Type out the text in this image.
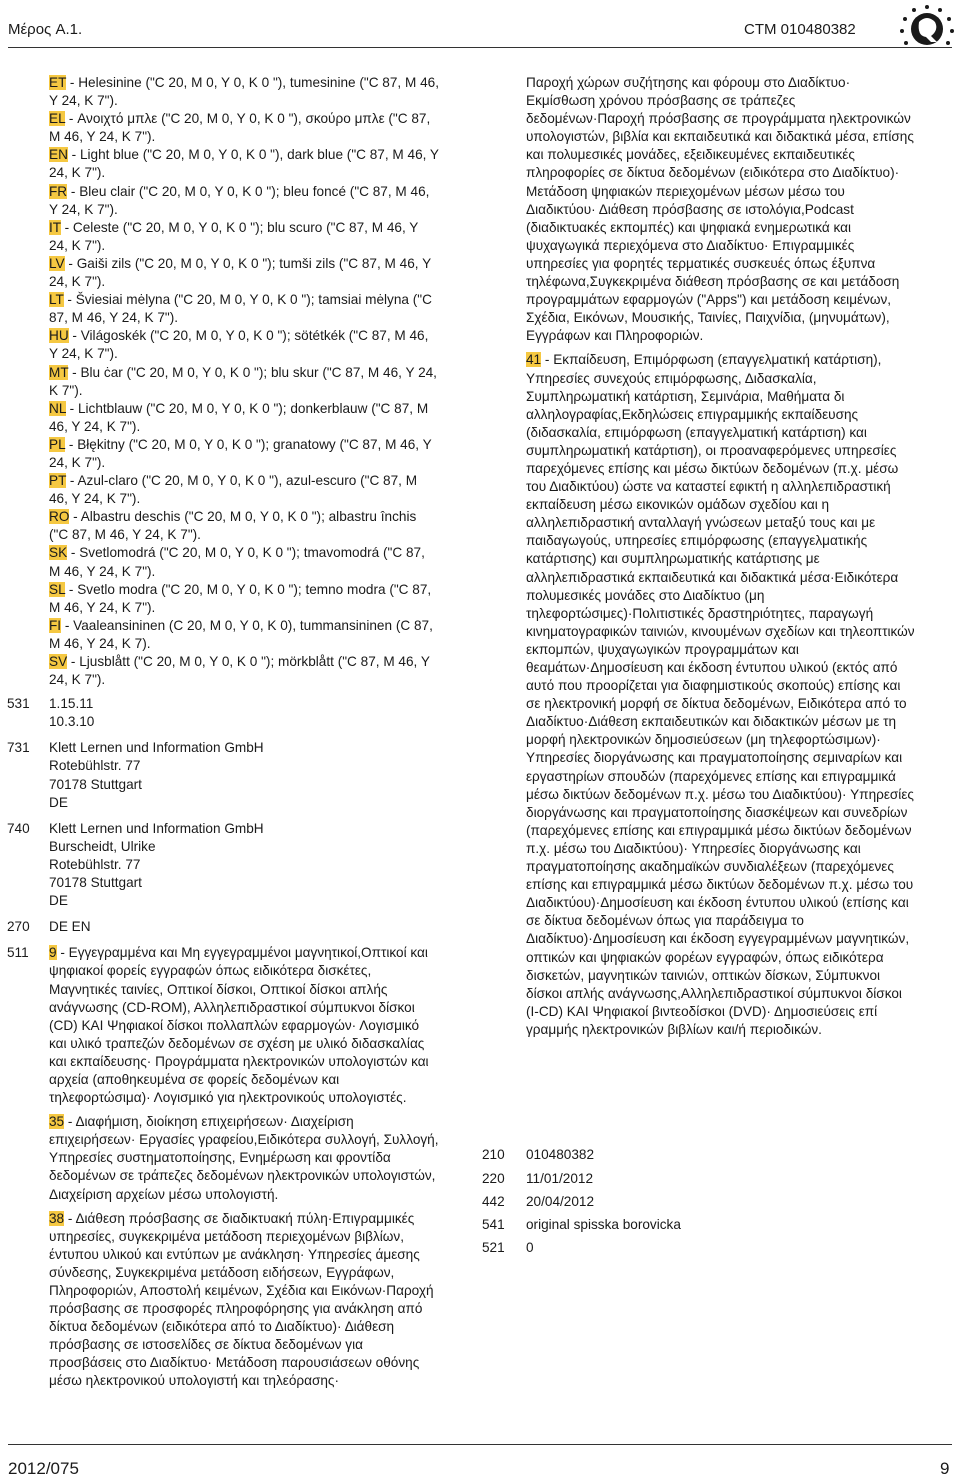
Μέρος A.1.	CTM 010480382
ET - Helesinine ("C 20, M 0, Y 0, K 0 "), tumesinine ("C 87, M 46, Y 24, K 7").
EL - Ανοιχτό μπλε ("C 20, M 0, Y 0, K 0 "), σκούρο μπλε ("C 87, M 46, Y 24, K 7").
EN - Light blue ("C 20, M 0, Y 0, K 0 "), dark blue ("C 87, M 46, Y 24, K 7").
FR - Bleu clair ("C 20, M 0, Y 0, K 0 "); bleu foncé ("C 87, M 46, Y 24, K 7").
IT - Celeste ("C 20, M 0, Y 0, K 0 "); blu scuro ("C 87, M 46, Y 24, K 7").
LV - Gaiši zils ("C 20, M 0, Y 0, K 0 "); tumši zils ("C 87, M 46, Y 24, K 7").
LT - Šviesiai mėlyna ("C 20, M 0, Y 0, K 0 "); tamsiai mėlyna ("C 87, M 46, Y 24, K 7").
HU - Világoskék ("C 20, M 0, Y 0, K 0 "); sötétkék ("C 87, M 46, Y 24, K 7").
MT - Blu ċar ("C 20, M 0, Y 0, K 0 "); blu skur ("C 87, M 46, Y 24, K 7").
NL - Lichtblauw ("C 20, M 0, Y 0, K 0 "); donkerblauw ("C 87, M 46, Y 24, K 7").
PL - Błękitny ("C 20, M 0, Y 0, K 0 "); granatowy ("C 87, M 46, Y 24, K 7").
PT - Azul-claro ("C 20, M 0, Y 0, K 0 "), azul-escuro ("C 87, M 46, Y 24, K 7").
RO - Albastru deschis ("C 20, M 0, Y 0, K 0 "); albastru închis ("C 87, M 46, Y 24, K 7").
SK - Svetlomodrá ("C 20, M 0, Y 0, K 0 "); tmavomodrá ("C 87, M 46, Y 24, K 7").
SL - Svetlo modra ("C 20, M 0, Y 0, K 0 "); temno modra ("C 87, M 46, Y 24, K 7").
FI - Vaaleansininen (C 20, M 0, Y 0, K 0), tummansininen (C 87, M 46, Y 24, K 7).
SV - Ljusblått ("C 20, M 0, Y 0, K 0 "); mörkblått ("C 87, M 46, Y 24, K 7").
531 1.15.11
10.3.10
731 Klett Lernen und Information GmbH
Rotebühlstr. 77
70178 Stuttgart
DE
740 Klett Lernen und Information GmbH
Burscheidt, Ulrike
Rotebühlstr. 77
70178 Stuttgart
DE
270 DE EN
511 9 - Εγγεγραμμένα και Μη εγγεγραμμένοι μαγνητικοί,Οπτικοί και ψηφιακοί φορείς εγγραφών όπως ειδικότερα δισκέτες, Μαγνητικές ταινίες, Οπτικοί δίσκοι, Οπτικοί δίσκοι απλής ανάγνωσης (CD-ROM), Αλληλεπιδραστικοί σύμπυκνοι δίσκοι (CD) ΚΑΙ Ψηφιακοί δίσκοι πολλαπλών εφαρμογών· Λογισμικό και υλικό τραπεζών δεδομένων σε σχέση με υλικό διδασκαλίας και εκπαίδευσης· Προγράμματα ηλεκτρονικών υπολογιστών και αρχεία (αποθηκευμένα σε φορείς δεδομένων και τηλεφορτώσιμα)· Λογισμικό για ηλεκτρονικούς υπολογιστές.
35 - Διαφήμιση, διοίκηση επιχειρήσεων· Διαχείριση επιχειρήσεων· Εργασίες γραφείου,Ειδικότερα συλλογή, Συλλογή, Υπηρεσίες συστηματοποίησης, Ενημέρωση και φροντίδα δεδομένων σε τράπεζες δεδομένων ηλεκτρονικών υπολογιστών, Διαχείριση αρχείων μέσω υπολογιστή.
38 - Διάθεση πρόσβασης σε διαδικτυακή πύλη·Επιγραμμικές υπηρεσίες, συγκεκριμένα μετάδοση περιεχομένων βιβλίων, έντυπου υλικού και εντύπων με ανάκληση· Υπηρεσίες άμεσης σύνδεσης, Συγκεκριμένα μετάδοση ειδήσεων, Εγγράφων, Πληροφοριών, Αποστολή κειμένων, Σχέδια και Εικόνων·Παροχή πρόσβασης σε προσφορές πληροφόρησης για ανάκληση από δίκτυα δεδομένων (ειδικότερα από το Διαδίκτυο)· Διάθεση πρόσβασης σε ιστοσελίδες σε δίκτυα δεδομένων για προσβάσεις στο Διαδίκτυο· Μετάδοση παρουσιάσεων οθόνης μέσω ηλεκτρονικού υπολογιστή και τηλεόρασης·
Παροχή χώρων συζήτησης και φόρουμ στο Διαδίκτυο· Εκμίσθωση χρόνου πρόσβασης σε τράπεζες δεδομένων·Παροχή πρόσβασης σε προγράμματα ηλεκτρονικών υπολογιστών, βιβλία και εκπαιδευτικά και διδακτικά μέσα, επίσης και πολυμεσικές μονάδες, εξειδικευμένες εκπαιδευτικές πληροφορίες σε δίκτυα δεδομένων (ειδικότερα στο Διαδίκτυο)· Μετάδοση ψηφιακών περιεχομένων μέσων μέσω του Διαδικτύου· Διάθεση πρόσβασης σε ιστολόγια,Podcast (διαδικτυακές εκπομπές) και ψηφιακά ενημερωτικά και ψυχαγωγικά περιεχόμενα στο Διαδίκτυο· Επιγραμμικές υπηρεσίες για φορητές τερματικές συσκευές όπως έξυπνα τηλέφωνα,Συγκεκριμένα διάθεση πρόσβασης σε και μετάδοση προγραμμάτων εφαρμογών ("Apps") και μετάδοση κειμένων, Σχέδια, Εικόνων, Μουσικής, Ταινίες, Παιχνίδια, (μηνυμάτων), Εγγράφων και Πληροφοριών.
41 - Εκπαίδευση, Επιμόρφωση (επαγγελματική κατάρτιση), Υπηρεσίες συνεχούς επιμόρφωσης, Διδασκαλία, Συμπληρωματική κατάρτιση, Σεμινάρια, Μαθήματα δι αλληλογραφίας,Εκδηλώσεις επιγραμμικής εκπαίδευσης (διδασκαλία, επιμόρφωση (επαγγελματική κατάρτιση) και συμπληρωματική κατάρτιση), οι προαναφερόμενες υπηρεσίες παρεχόμενες επίσης και μέσω δικτύων δεδομένων (π.χ. μέσω του Διαδικτύου) ώστε να καταστεί εφικτή η αλληλεπιδραστική εκπαίδευση μέσω εικονικών ομάδων σχεδίου και η αλληλεπιδραστική ανταλλαγή γνώσεων μεταξύ τους και με παιδαγωγούς, υπηρεσίες επιμόρφωσης (επαγγελματικής κατάρτισης) και συμπληρωματικής κατάρτισης με αλληλεπιδραστικά εκπαιδευτικά και διδακτικά μέσα·Ειδικότερα πολυμεσικές μονάδες στο Διαδίκτυο (μη τηλεφορτώσιμες)·Πολιτιστικές δραστηριότητες, παραγωγή κινηματογραφικών ταινιών, κινουμένων σχεδίων και τηλεοπτικών εκπομπών, ψυχαγωγικών προγραμμάτων και θεαμάτων·Δημοσίευση και έκδοση έντυπου υλικού (εκτός από αυτό που προορίζεται για διαφημιστικούς σκοπούς) επίσης και σε ηλεκτρονική μορφή σε δίκτυα δεδομένων, Ειδικότερα από το Διαδίκτυο·Διάθεση εκπαιδευτικών και διδακτικών μέσων με τη μορφή ηλεκτρονικών δημοσιεύσεων (μη τηλεφορτώσιμων)· Υπηρεσίες διοργάνωσης και πραγματοποίησης σεμιναρίων και εργαστηρίων σπουδών (παρεχόμενες επίσης και επιγραμμικά μέσω δικτύων δεδομένων π.χ. μέσω του Διαδικτύου)· Υπηρεσίες διοργάνωσης και πραγματοποίησης διασκέψεων και συνεδρίων (παρεχόμενες επίσης και επιγραμμικά μέσω δικτύων δεδομένων π.χ. μέσω του Διαδικτύου)· Υπηρεσίες διοργάνωσης και πραγματοποίησης ακαδημαϊκών συνδιαλέξεων (παρεχόμενες επίσης και επιγραμμικά μέσω δικτύων δεδομένων π.χ. μέσω του Διαδικτύου)·Δημοσίευση και έκδοση έντυπου υλικού (επίσης και σε δίκτυα δεδομένων όπως για παράδειγμα το Διαδίκτυο)·Δημοσίευση και έκδοση εγγεγραμμένων μαγνητικών, οπτικών και ψηφιακών φορέων εγγραφών, όπως ειδικότερα δισκετών, μαγνητικών ταινιών, οπτικών δίσκων, Σύμπυκνοι δίσκοι απλής ανάγνωσης,Αλληλεπιδραστικοί σύμπυκνοι δίσκοι (I-CD) ΚΑΙ Ψηφιακοί βιντεοδίσκοι (DVD)· Δημοσιεύσεις επί γραμμής ηλεκτρονικών βιβλίων και/ή περιοδικών.
210 010480382
220 11/01/2012
442 20/04/2012
541 original spisska borovicka
521 0
2012/075	9
